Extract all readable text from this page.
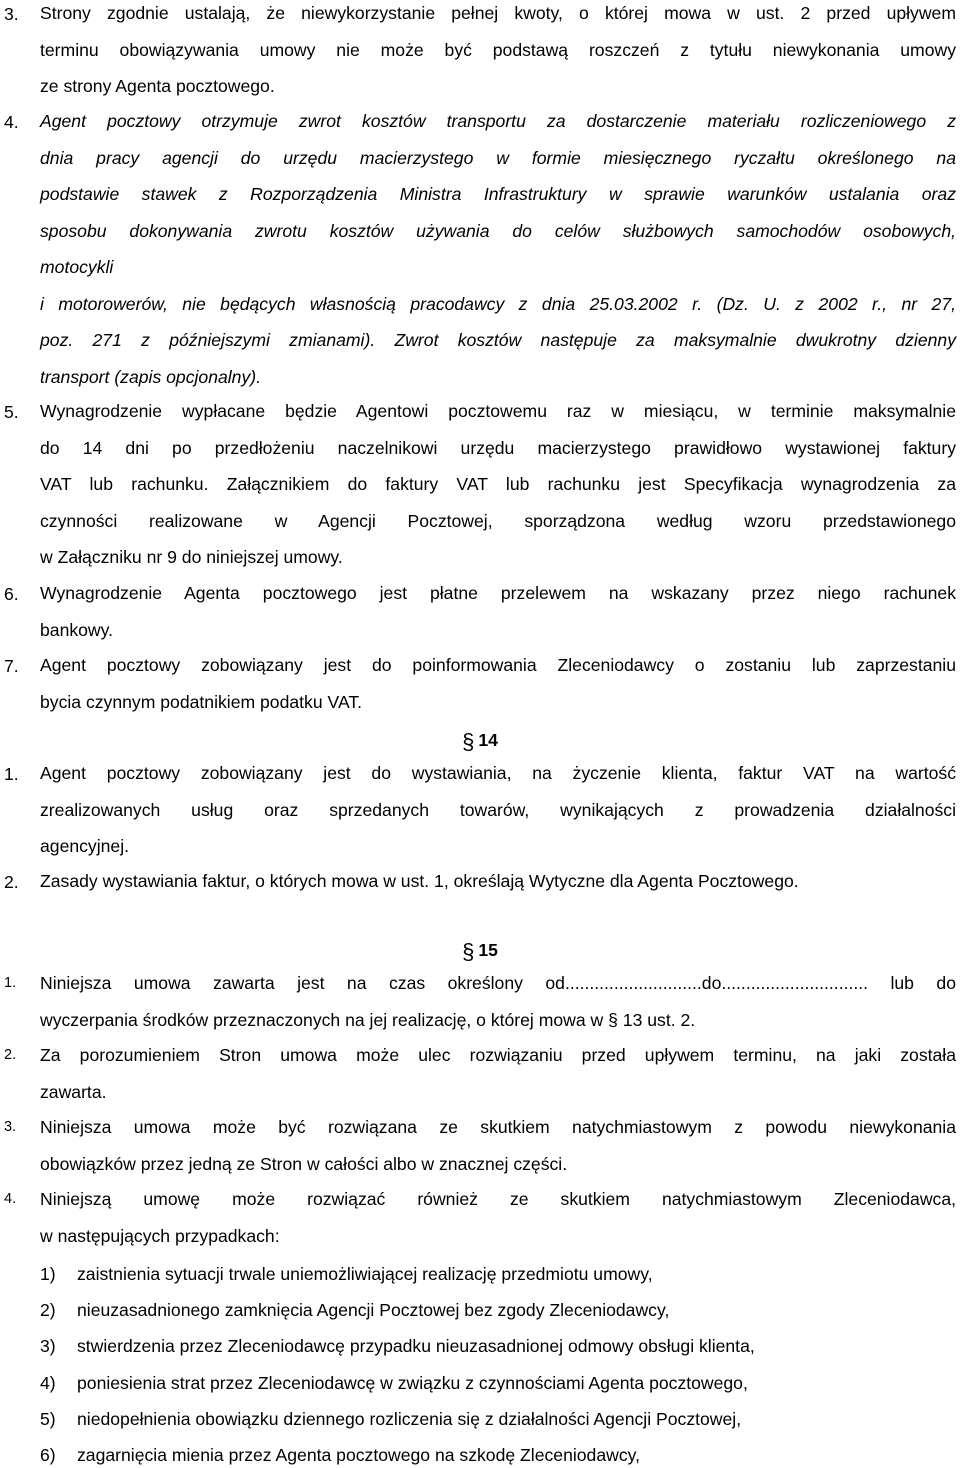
3.	Strony zgodnie ustalają, że niewykorzystanie pełnej kwoty, o której mowa w ust. 2 przed upływem
terminu obowiązywania umowy nie może być podstawą roszczeń z tytułu niewykonania umowy
ze strony Agenta pocztowego.
4.	Agent pocztowy otrzymuje zwrot kosztów transportu za dostarczenie materiału rozliczeniowego z
dnia pracy agencji do urzędu macierzystego w formie miesięcznego ryczałtu określonego na
podstawie stawek z Rozporządzenia Ministra Infrastruktury w sprawie warunków ustalania oraz
sposobu dokonywania zwrotu kosztów używania do celów służbowych samochodów osobowych,
motocykli
i motorowerów, nie będących własnością pracodawcy z dnia 25.03.2002 r. (Dz. U. z 2002 r., nr 27,
poz. 271 z późniejszymi zmianami). Zwrot kosztów następuje za maksymalnie dwukrotny dzienny
transport (zapis opcjonalny).
5.	Wynagrodzenie wypłacane będzie Agentowi pocztowemu raz w miesiącu, w terminie maksymalnie
do 14 dni po przedłożeniu naczelnikowi urzędu macierzystego prawidłowo wystawionej faktury
VAT lub rachunku. Załącznikiem do faktury VAT lub rachunku jest Specyfikacja wynagrodzenia za
czynności realizowane w Agencji Pocztowej, sporządzona według wzoru przedstawionego
w Załączniku nr 9 do niniejszej umowy.
6.	Wynagrodzenie Agenta pocztowego jest płatne przelewem na wskazany przez niego rachunek
bankowy.
7.	Agent pocztowy zobowiązany jest do poinformowania Zleceniodawcy o zostaniu lub zaprzestaniu
bycia czynnym podatnikiem podatku VAT.
§ 14
1.	Agent pocztowy zobowiązany jest do wystawiania, na życzenie klienta, faktur VAT na wartość
zrealizowanych usług oraz sprzedanych towarów, wynikających z prowadzenia działalności
agencyjnej.
2.	Zasady wystawiania faktur, o których mowa w ust. 1, określają Wytyczne dla Agenta Pocztowego.
§ 15
1.	Niniejsza umowa zawarta jest na czas określony od............................do.............................. lub do
wyczerpania środków przeznaczonych na jej realizację, o której mowa w § 13 ust. 2.
2.	Za porozumieniem Stron umowa może ulec rozwiązaniu przed upływem terminu, na jaki została
zawarta.
3.	Niniejsza umowa może być rozwiązana ze skutkiem natychmiastowym z powodu niewykonania
obowiązków przez jedną ze Stron w całości albo w znacznej części.
4.	Niniejszą umowę może rozwiązać również ze skutkiem natychmiastowym Zleceniodawca,
w następujących przypadkach:
1)	zaistnienia sytuacji trwale uniemożliwiającej realizację przedmiotu umowy,
2)	nieuzasadnionego zamknięcia Agencji Pocztowej bez zgody Zleceniodawcy,
3)	stwierdzenia przez Zleceniodawcę przypadku nieuzasadnionej odmowy obsługi klienta,
4)	poniesienia strat przez Zleceniodawcę w związku z czynnościami Agenta pocztowego,
5)	niedopełnienia obowiązku dziennego rozliczenia się z działalności Agencji Pocztowej,
6)	zagarnięcia mienia przez Agenta pocztowego na szkodę Zleceniodawcy,
